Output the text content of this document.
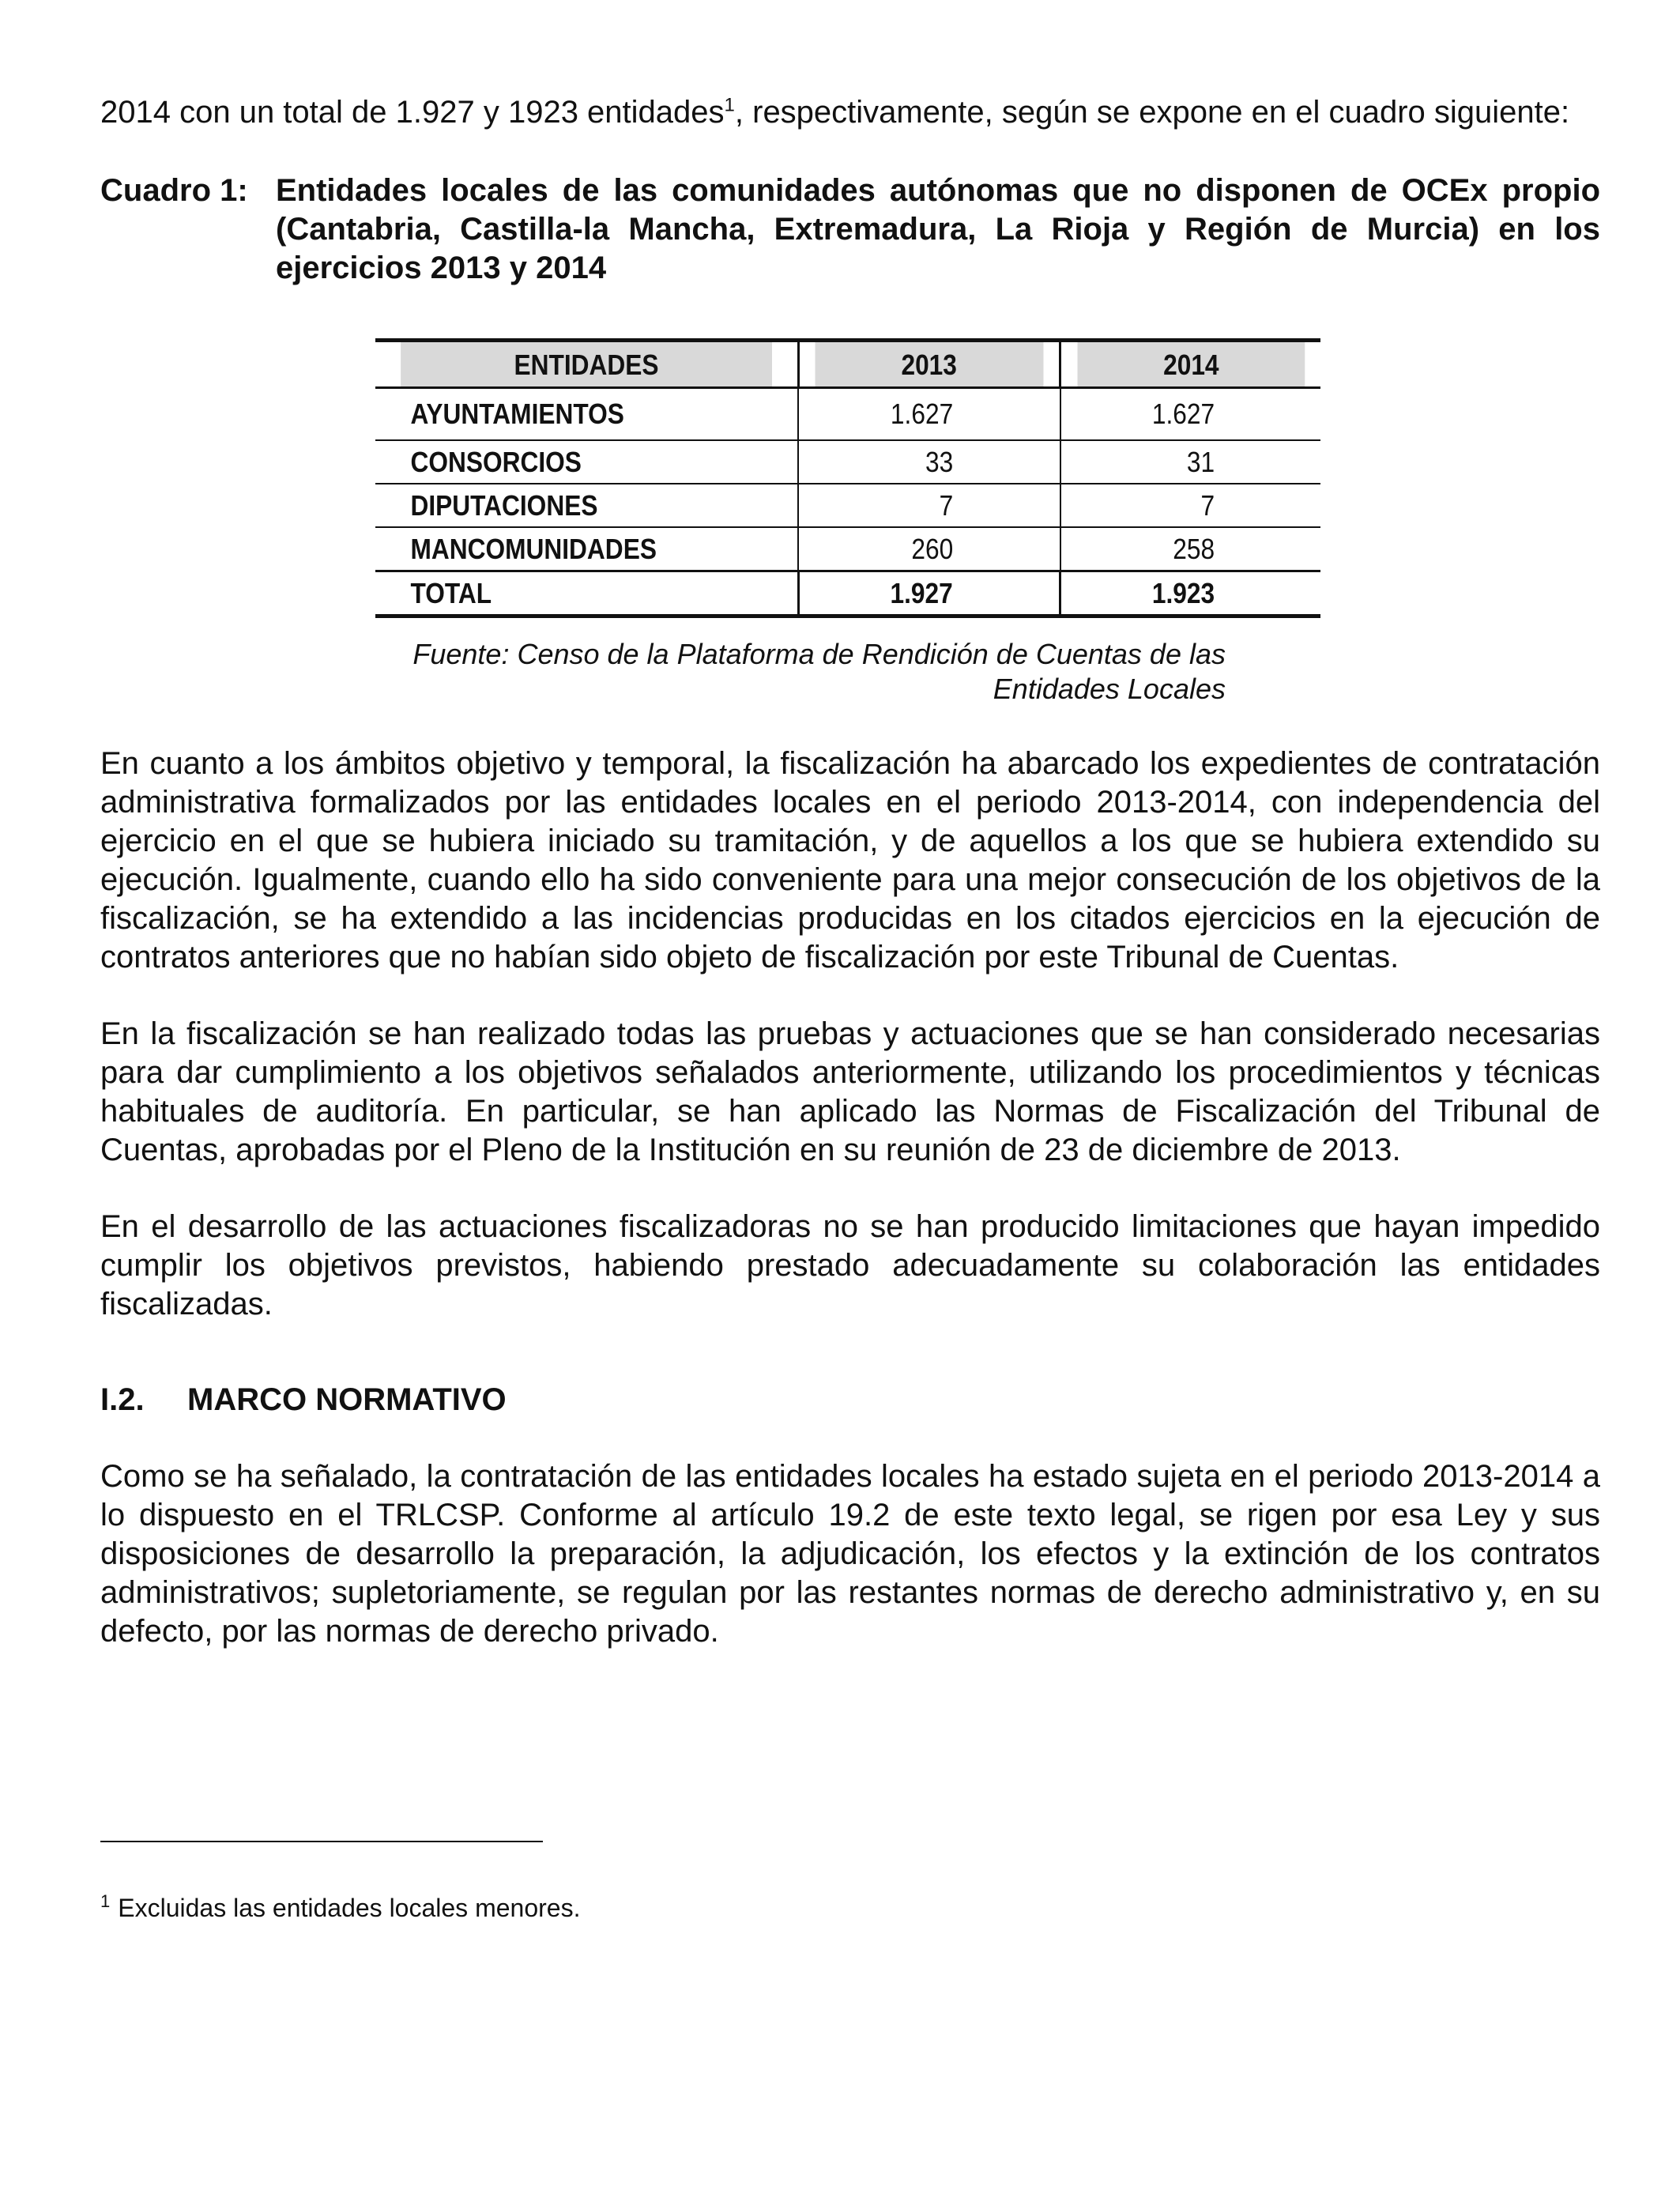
2014 con un total de 1.927 y 1923 entidades$^1$, respectivamente, según se expone en el cuadro siguiente:

Cuadro 1: Entidades locales de las comunidades autónomas que no disponen de OCEx propio (Cantabria, Castilla-la Mancha, Extremadura, La Rioja y Región de Murcia) en los ejercicios 2013 y 2014
ENTIDADES	2013	2014
AYUNTAMIENTOS	1.627	1.627
CONSORCIOS	33	31
DIPUTACIONES	7	7
MANCOMUNIDADES	260	258
TOTAL	1.927	1.923
Fuente: Censo de la Plataforma de Rendición de Cuentas de las Entidades Locales

En cuanto a los ámbitos objetivo y temporal, la fiscalización ha abarcado los expedientes de contratación administrativa formalizados por las entidades locales en el periodo 2013-2014, con independencia del ejercicio en el que se hubiera iniciado su tramitación, y de aquellos a los que se hubiera extendido su ejecución. Igualmente, cuando ello ha sido conveniente para una mejor consecución de los objetivos de la fiscalización, se ha extendido a las incidencias producidas en los citados ejercicios en la ejecución de contratos anteriores que no habían sido objeto de fiscalización por este Tribunal de Cuentas.

En la fiscalización se han realizado todas las pruebas y actuaciones que se han considerado necesarias para dar cumplimiento a los objetivos señalados anteriormente, utilizando los procedimientos y técnicas habituales de auditoría. En particular, se han aplicado las Normas de Fiscalización del Tribunal de Cuentas, aprobadas por el Pleno de la Institución en su reunión de 23 de diciembre de 2013.

En el desarrollo de las actuaciones fiscalizadoras no se han producido limitaciones que hayan impedido cumplir los objetivos previstos, habiendo prestado adecuadamente su colaboración las entidades fiscalizadas.

I.2.	MARCO NORMATIVO

Como se ha señalado, la contratación de las entidades locales ha estado sujeta en el periodo 2013-2014 a lo dispuesto en el TRLCSP. Conforme al artículo 19.2 de este texto legal, se rigen por esa Ley y sus disposiciones de desarrollo la preparación, la adjudicación, los efectos y la extinción de los contratos administrativos; supletoriamente, se regulan por las restantes normas de derecho administrativo y, en su defecto, por las normas de derecho privado.

$^1$ Excluidas las entidades locales menores.
